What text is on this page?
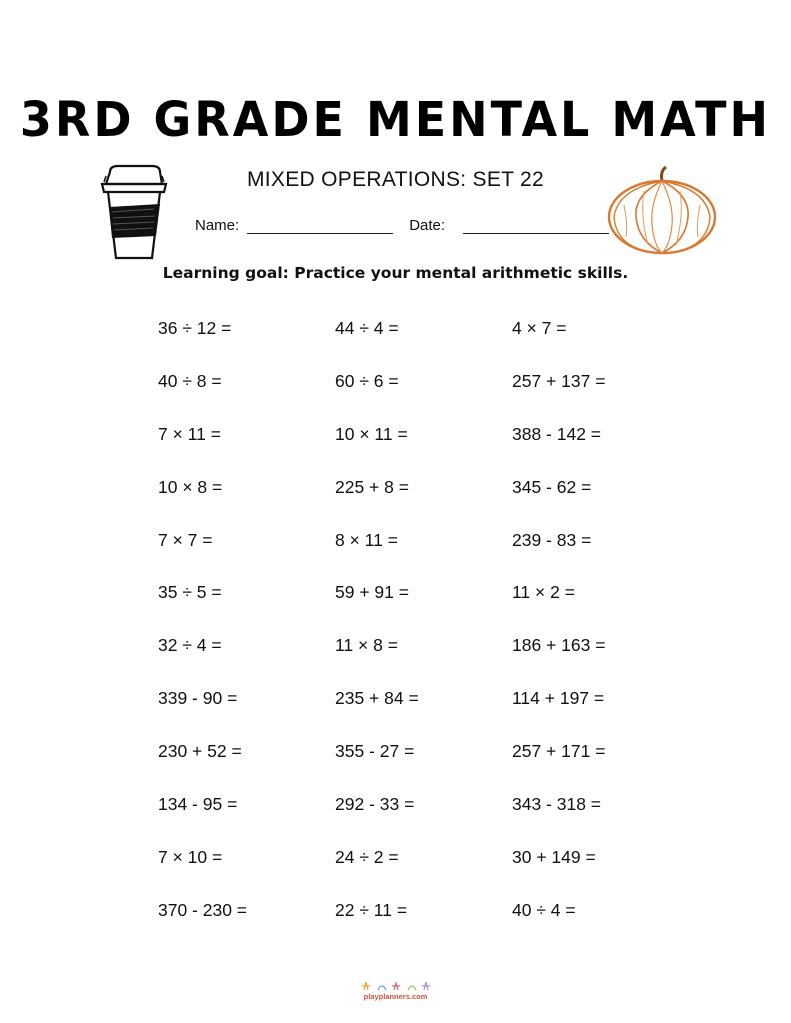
3RD GRADE MENTAL MATH
MIXED OPERATIONS: SET 22
Name:	Date:
Learning goal: Practice your mental arithmetic skills.
36 ÷ 12 =	44 ÷ 4 =	4 × 7 =
40 ÷ 8 =	60 ÷ 6 =	257 + 137 =
7 × 11 =	10 × 11 =	388 - 142 =
10 × 8 =	225 + 8 =	345 - 62 =
7 × 7 =	8 × 11 =	239 - 83 =
35 ÷ 5 =	59 + 91 =	11 × 2 =
32 ÷ 4 =	11 × 8 =	186 + 163 =
339 - 90 =	235 + 84 =	114 + 197 =
230 + 52 =	355 - 27 =	257 + 171 =
134 - 95 =	292 - 33 =	343 - 318 =
7 × 10 =	24 ÷ 2 =	30 + 149 =
370 - 230 =	22 ÷ 11 =	40 ÷ 4 =
playplanners.com
